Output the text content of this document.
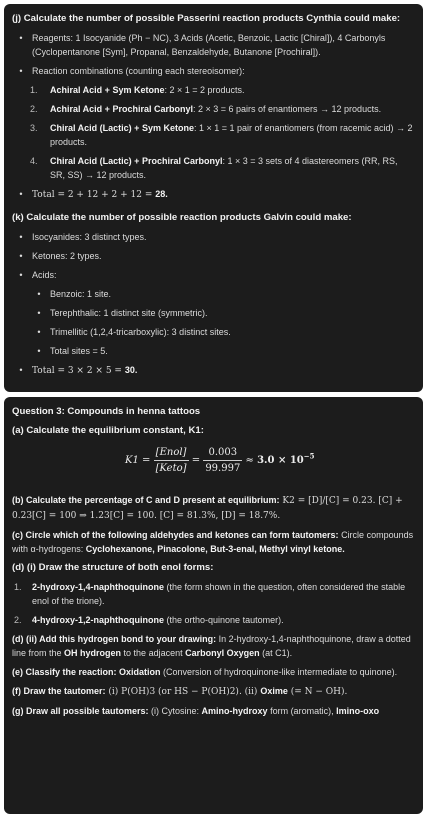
(j) Calculate the number of possible Passerini reaction products Cynthia could make:
•	Reagents: 1 Isocyanide (Ph − NC), 3 Acids (Acetic, Benzoic, Lactic [Chiral]), 4 Carbonyls (Cyclopentanone [Sym], Propanal, Benzaldehyde, Butanone [Prochiral]).
•	Reaction combinations (counting each stereoisomer):
1. Achiral Acid + Sym Ketone: 2 × 1 = 2 products.
2. Achiral Acid + Prochiral Carbonyl: 2 × 3 = 6 pairs of enantiomers → 12 products.
3. Chiral Acid (Lactic) + Sym Ketone: 1 × 1 = 1 pair of enantiomers (from racemic acid) → 2 products.
4. Chiral Acid (Lactic) + Prochiral Carbonyl: 1 × 3 = 3 sets of 4 diastereomers (RR, RS, SR, SS) → 12 products.
•	Total = 2 + 12 + 2 + 12 = 28.
(k) Calculate the number of possible reaction products Galvin could make:
•	Isocyanides: 3 distinct types.
•	Ketones: 2 types.
•	Acids:
•	Benzoic: 1 site.
•	Terephthalic: 1 distinct site (symmetric).
•	Trimellitic (1,2,4-tricarboxylic): 3 distinct sites.
•	Total sites = 5.
•	Total = 3 × 2 × 5 = 30.
Question 3: Compounds in henna tattoos
(a) Calculate the equilibrium constant, K1:
$K1 = \frac{\text{[Enol]}}{\text{[Keto]}} = \frac{0.003}{99.997} \approx 3.0 \times 10^{-5}$
(b) Calculate the percentage of C and D present at equilibrium: K2 = [D]/[C] = 0.23. [C] + 0.23[C] = 100 ⇒ 1.23[C] = 100. [C] = 81.3%, [D] = 18.7%.
(c) Circle which of the following aldehydes and ketones can form tautomers: Circle compounds with α-hydrogens: Cyclohexanone, Pinacolone, But-3-enal, Methyl vinyl ketone.
(d) (i) Draw the structure of both enol forms:
1. 2-hydroxy-1,4-naphthoquinone (the form shown in the question, often considered the stable enol of the trione).
2. 4-hydroxy-1,2-naphthoquinone (the ortho-quinone tautomer).
(d) (ii) Add this hydrogen bond to your drawing: In 2-hydroxy-1,4-naphthoquinone, draw a dotted line from the OH hydrogen to the adjacent Carbonyl Oxygen (at C1).
(e) Classify the reaction: Oxidation (Conversion of hydroquinone-like intermediate to quinone).
(f) Draw the tautomer: (i) P(OH)3 (or HS − P(OH)2). (ii) Oxime (= N − OH).
(g) Draw all possible tautomers: (i) Cytosine: Amino-hydroxy form (aromatic), Imino-oxo
